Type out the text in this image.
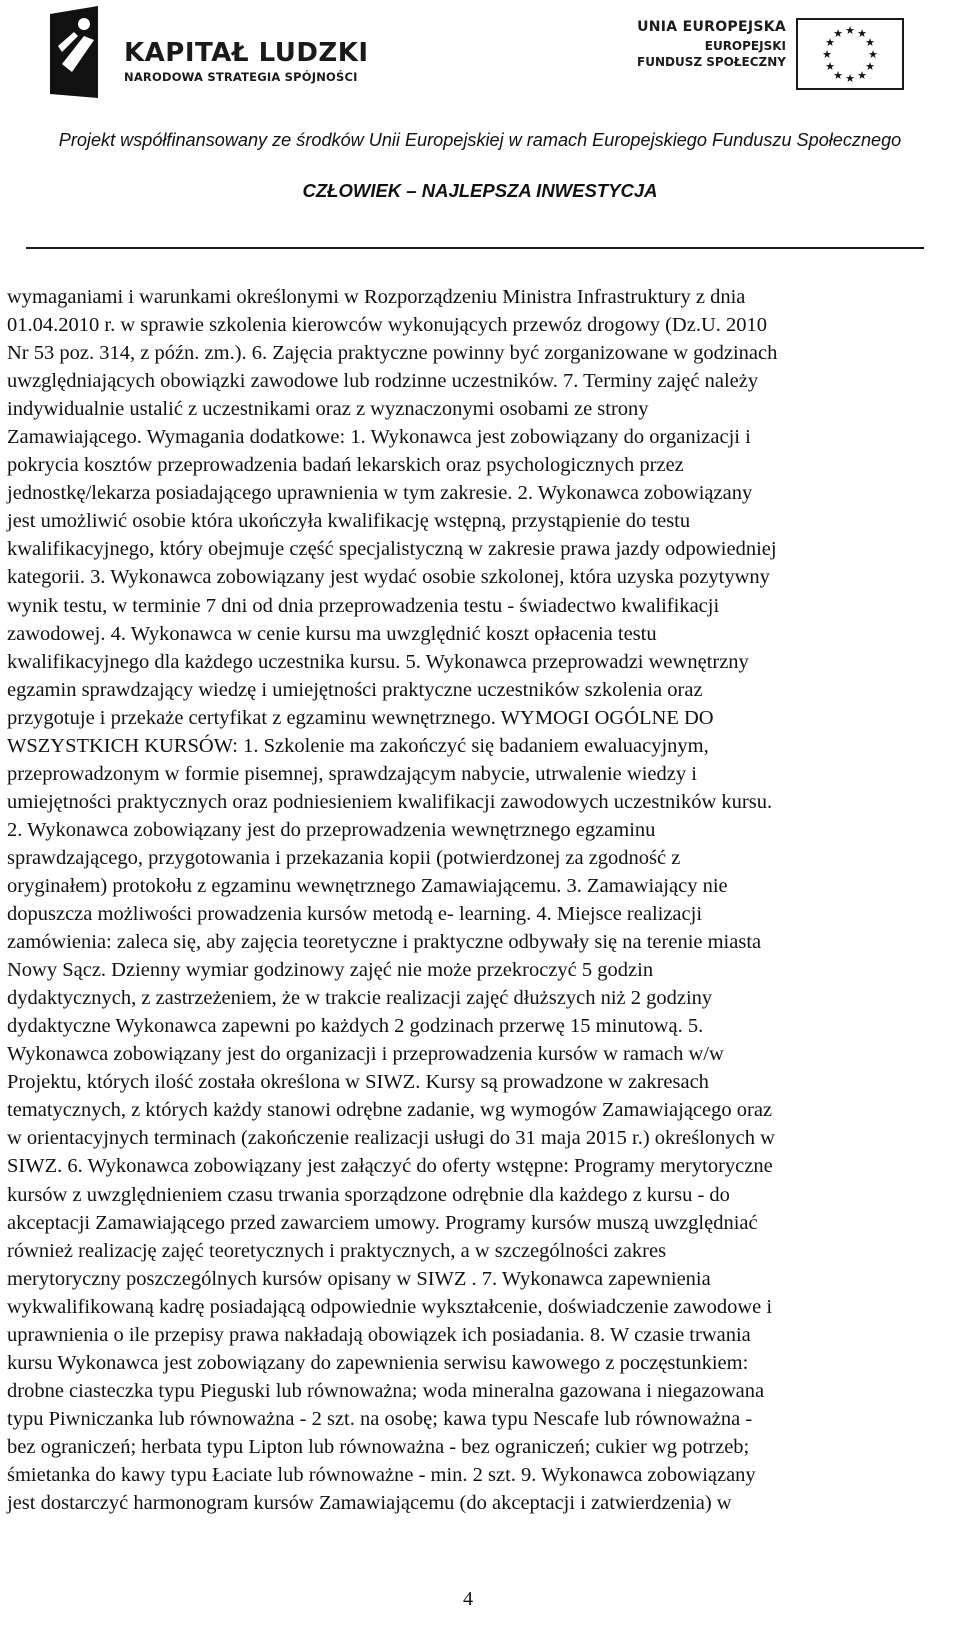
KAPITAŁ LUDZKI
NARODOWA STRATEGIA SPÓJNOŚCI
UNIA EUROPEJSKA
EUROPEJSKI
FUNDUSZ SPOŁECZNY
★ ★
★
★
★
★
★
★
★
★
★
★
Projekt współfinansowany ze środków Unii Europejskiej w ramach Europejskiego Funduszu Społecznego
CZŁOWIEK – NAJLEPSZA INWESTYCJA
wymaganiami i warunkami określonymi w Rozporządzeniu Ministra Infrastruktury z dnia
01.04.2010 r. w sprawie szkolenia kierowców wykonujących przewóz drogowy (Dz.U. 2010
Nr 53 poz. 314, z późn. zm.). 6. Zajęcia praktyczne powinny być zorganizowane w godzinach
uwzględniających obowiązki zawodowe lub rodzinne uczestników. 7. Terminy zajęć należy
indywidualnie ustalić z uczestnikami oraz z wyznaczonymi osobami ze strony
Zamawiającego. Wymagania dodatkowe: 1. Wykonawca jest zobowiązany do organizacji i
pokrycia kosztów przeprowadzenia badań lekarskich oraz psychologicznych przez
jednostkę/lekarza posiadającego uprawnienia w tym zakresie. 2. Wykonawca zobowiązany
jest umożliwić osobie która ukończyła kwalifikację wstępną, przystąpienie do testu
kwalifikacyjnego, który obejmuje część specjalistyczną w zakresie prawa jazdy odpowiedniej
kategorii. 3. Wykonawca zobowiązany jest wydać osobie szkolonej, która uzyska pozytywny
wynik testu, w terminie 7 dni od dnia przeprowadzenia testu - świadectwo kwalifikacji
zawodowej. 4. Wykonawca w cenie kursu ma uwzględnić koszt opłacenia testu
kwalifikacyjnego dla każdego uczestnika kursu. 5. Wykonawca przeprowadzi wewnętrzny
egzamin sprawdzający wiedzę i umiejętności praktyczne uczestników szkolenia oraz
przygotuje i przekaże certyfikat z egzaminu wewnętrznego. WYMOGI OGÓLNE DO
WSZYSTKICH KURSÓW: 1. Szkolenie ma zakończyć się badaniem ewaluacyjnym,
przeprowadzonym w formie pisemnej, sprawdzającym nabycie, utrwalenie wiedzy i
umiejętności praktycznych oraz podniesieniem kwalifikacji zawodowych uczestników kursu.
2. Wykonawca zobowiązany jest do przeprowadzenia wewnętrznego egzaminu
sprawdzającego, przygotowania i przekazania kopii (potwierdzonej za zgodność z
oryginałem) protokołu z egzaminu wewnętrznego Zamawiającemu. 3. Zamawiający nie
dopuszcza możliwości prowadzenia kursów metodą e- learning. 4. Miejsce realizacji
zamówienia: zaleca się, aby zajęcia teoretyczne i praktyczne odbywały się na terenie miasta
Nowy Sącz. Dzienny wymiar godzinowy zajęć nie może przekroczyć 5 godzin
dydaktycznych, z zastrzeżeniem, że w trakcie realizacji zajęć dłuższych niż 2 godziny
dydaktyczne Wykonawca zapewni po każdych 2 godzinach przerwę 15 minutową. 5.
Wykonawca zobowiązany jest do organizacji i przeprowadzenia kursów w ramach w/w
Projektu, których ilość została określona w SIWZ. Kursy są prowadzone w zakresach
tematycznych, z których każdy stanowi odrębne zadanie, wg wymogów Zamawiającego oraz
w orientacyjnych terminach (zakończenie realizacji usługi do 31 maja 2015 r.) określonych w
SIWZ. 6. Wykonawca zobowiązany jest załączyć do oferty wstępne: Programy merytoryczne
kursów z uwzględnieniem czasu trwania sporządzone odrębnie dla każdego z kursu - do
akceptacji Zamawiającego przed zawarciem umowy. Programy kursów muszą uwzględniać
również realizację zajęć teoretycznych i praktycznych, a w szczególności zakres
merytoryczny poszczególnych kursów opisany w SIWZ . 7. Wykonawca zapewnienia
wykwalifikowaną kadrę posiadającą odpowiednie wykształcenie, doświadczenie zawodowe i
uprawnienia o ile przepisy prawa nakładają obowiązek ich posiadania. 8. W czasie trwania
kursu Wykonawca jest zobowiązany do zapewnienia serwisu kawowego z poczęstunkiem:
drobne ciasteczka typu Pieguski lub równoważna; woda mineralna gazowana i niegazowana
typu Piwniczanka lub równoważna - 2 szt. na osobę; kawa typu Nescafe lub równoważna -
bez ograniczeń; herbata typu Lipton lub równoważna - bez ograniczeń; cukier wg potrzeb;
śmietanka do kawy typu Łaciate lub równoważne - min. 2 szt. 9. Wykonawca zobowiązany
jest dostarczyć harmonogram kursów Zamawiającemu (do akceptacji i zatwierdzenia) w
4
